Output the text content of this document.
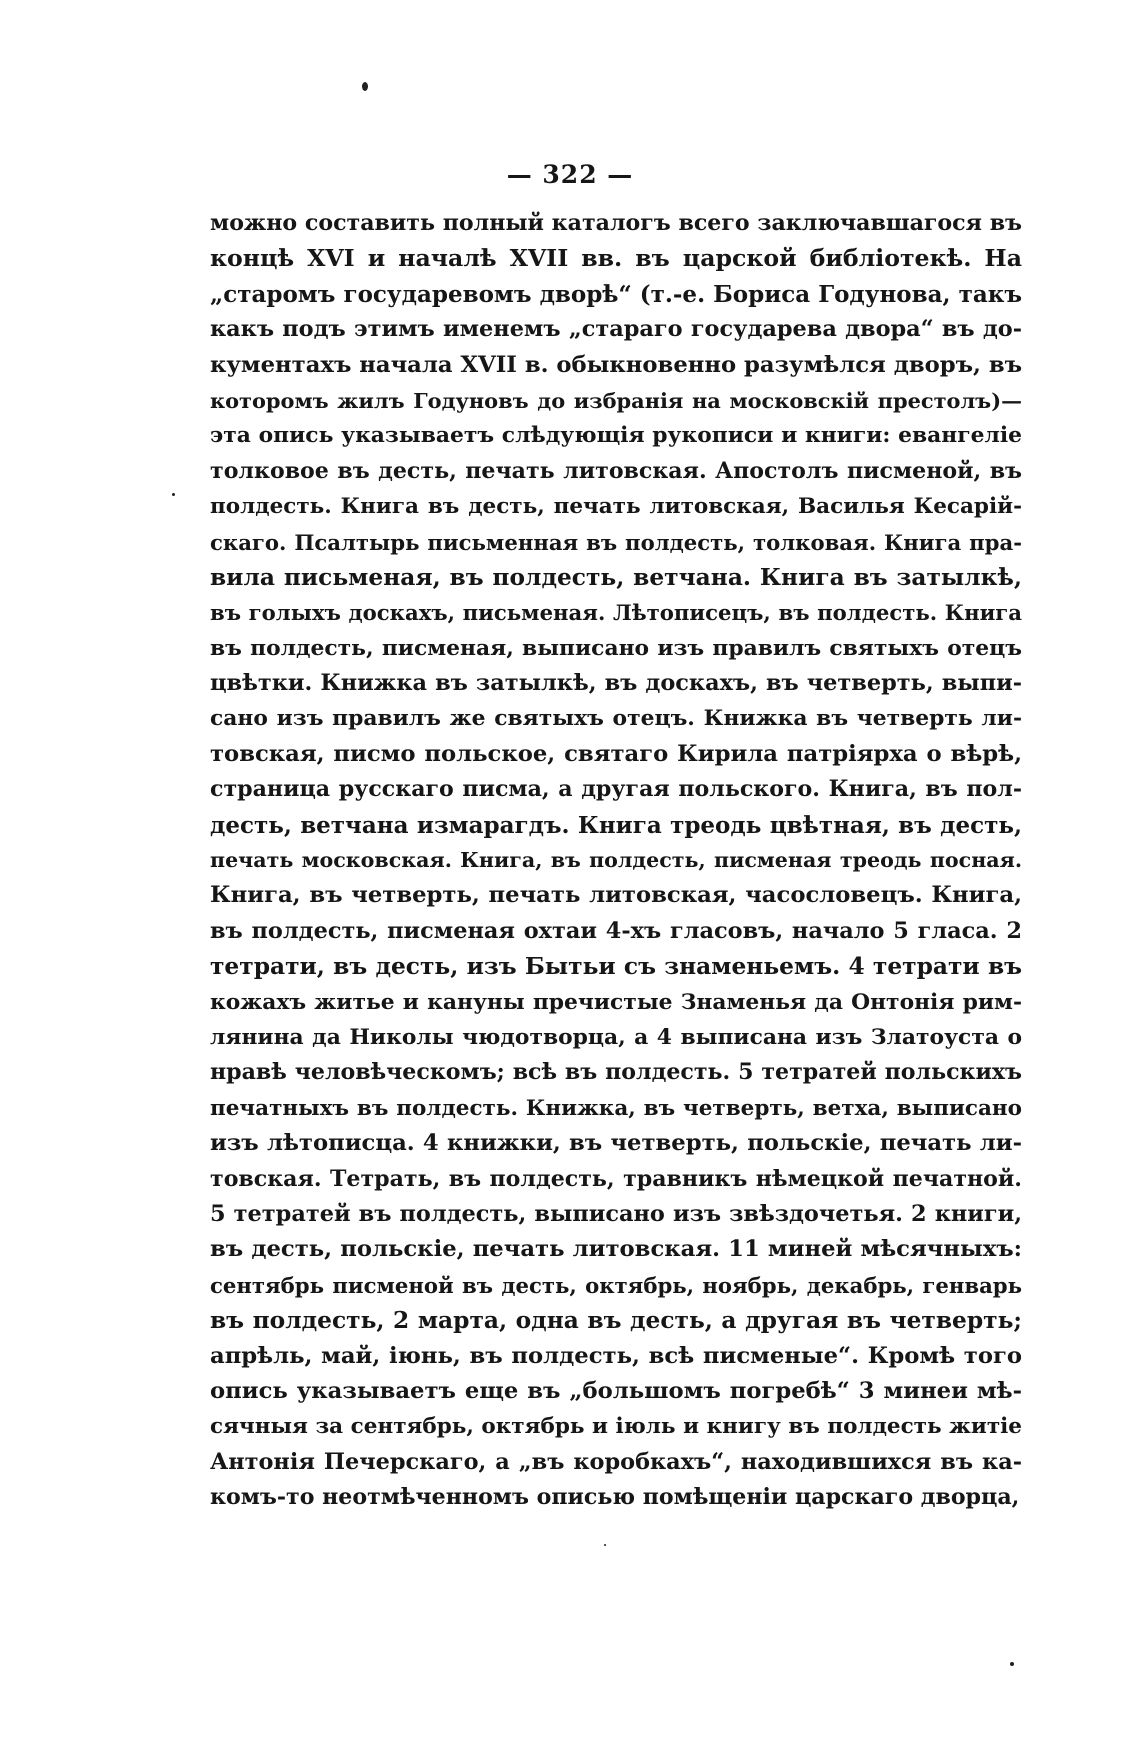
— 322 —
можно составить полный каталогъ всего заключавшагося въ
концѣ XVI и началѣ XVII вв. въ царской библіотекѣ. На
„старомъ государевомъ дворѣ“ (т.-е. Бориса Годунова, такъ
какъ подъ этимъ именемъ „стараго государева двора“ въ до-
кументахъ начала XVII в. обыкновенно разумѣлся дворъ, въ
которомъ жилъ Годуновъ до избранія на московскій престолъ)—
эта опись указываетъ слѣдующія рукописи и книги: евангеліе
толковое въ десть, печать литовская. Апостолъ писменой, въ
полдесть. Книга въ десть, печать литовская, Василья Кесарій-
скаго. Псалтырь письменная въ полдесть, толковая. Книга пра-
вила письменая, въ полдесть, ветчана. Книга въ затылкѣ,
въ голыхъ доскахъ, письменая. Лѣтописецъ, въ полдесть. Книга
въ полдесть, писменая, выписано изъ правилъ святыхъ отецъ
цвѣтки. Книжка въ затылкѣ, въ доскахъ, въ четверть, выпи-
сано изъ правилъ же святыхъ отецъ. Книжка въ четверть ли-
товская, писмо польское, святаго Кирила патріярха о вѣрѣ,
страница русскаго писма, а другая польского. Книга, въ пол-
десть, ветчана измарагдъ. Книга треодь цвѣтная, въ десть,
печать московская. Книга, въ полдесть, писменая треодь посная.
Книга, въ четверть, печать литовская, часословецъ. Книга,
въ полдесть, писменая охтаи 4-хъ гласовъ, начало 5 гласа. 2
тетрати, въ десть, изъ Бытьи съ знаменьемъ. 4 тетрати въ
кожахъ житье и кануны пречистые Знаменья да Онтонія рим-
лянина да Николы чюдотворца, а 4 выписана изъ Златоуста о
нравѣ человѣческомъ; всѣ въ полдесть. 5 тетратей польскихъ
печатныхъ въ полдесть. Книжка, въ четверть, ветха, выписано
изъ лѣтописца. 4 книжки, въ четверть, польскіе, печать ли-
товская. Тетрать, въ полдесть, травникъ нѣмецкой печатной.
5 тетратей въ полдесть, выписано изъ звѣздочетья. 2 книги,
въ десть, польскіе, печать литовская. 11 миней мѣсячныхъ:
сентябрь писменой въ десть, октябрь, ноябрь, декабрь, генварь
въ полдесть, 2 марта, одна въ десть, а другая въ четверть;
апрѣль, май, іюнь, въ полдесть, всѣ писменые“. Кромѣ того
опись указываетъ еще въ „большомъ погребѣ“ 3 минеи мѣ-
сячныя за сентябрь, октябрь и іюль и книгу въ полдесть житіе
Антонія Печерскаго, а „въ коробкахъ“, находившихся въ ка-
комъ-то неотмѣченномъ описью помѣщеніи царскаго дворца,
